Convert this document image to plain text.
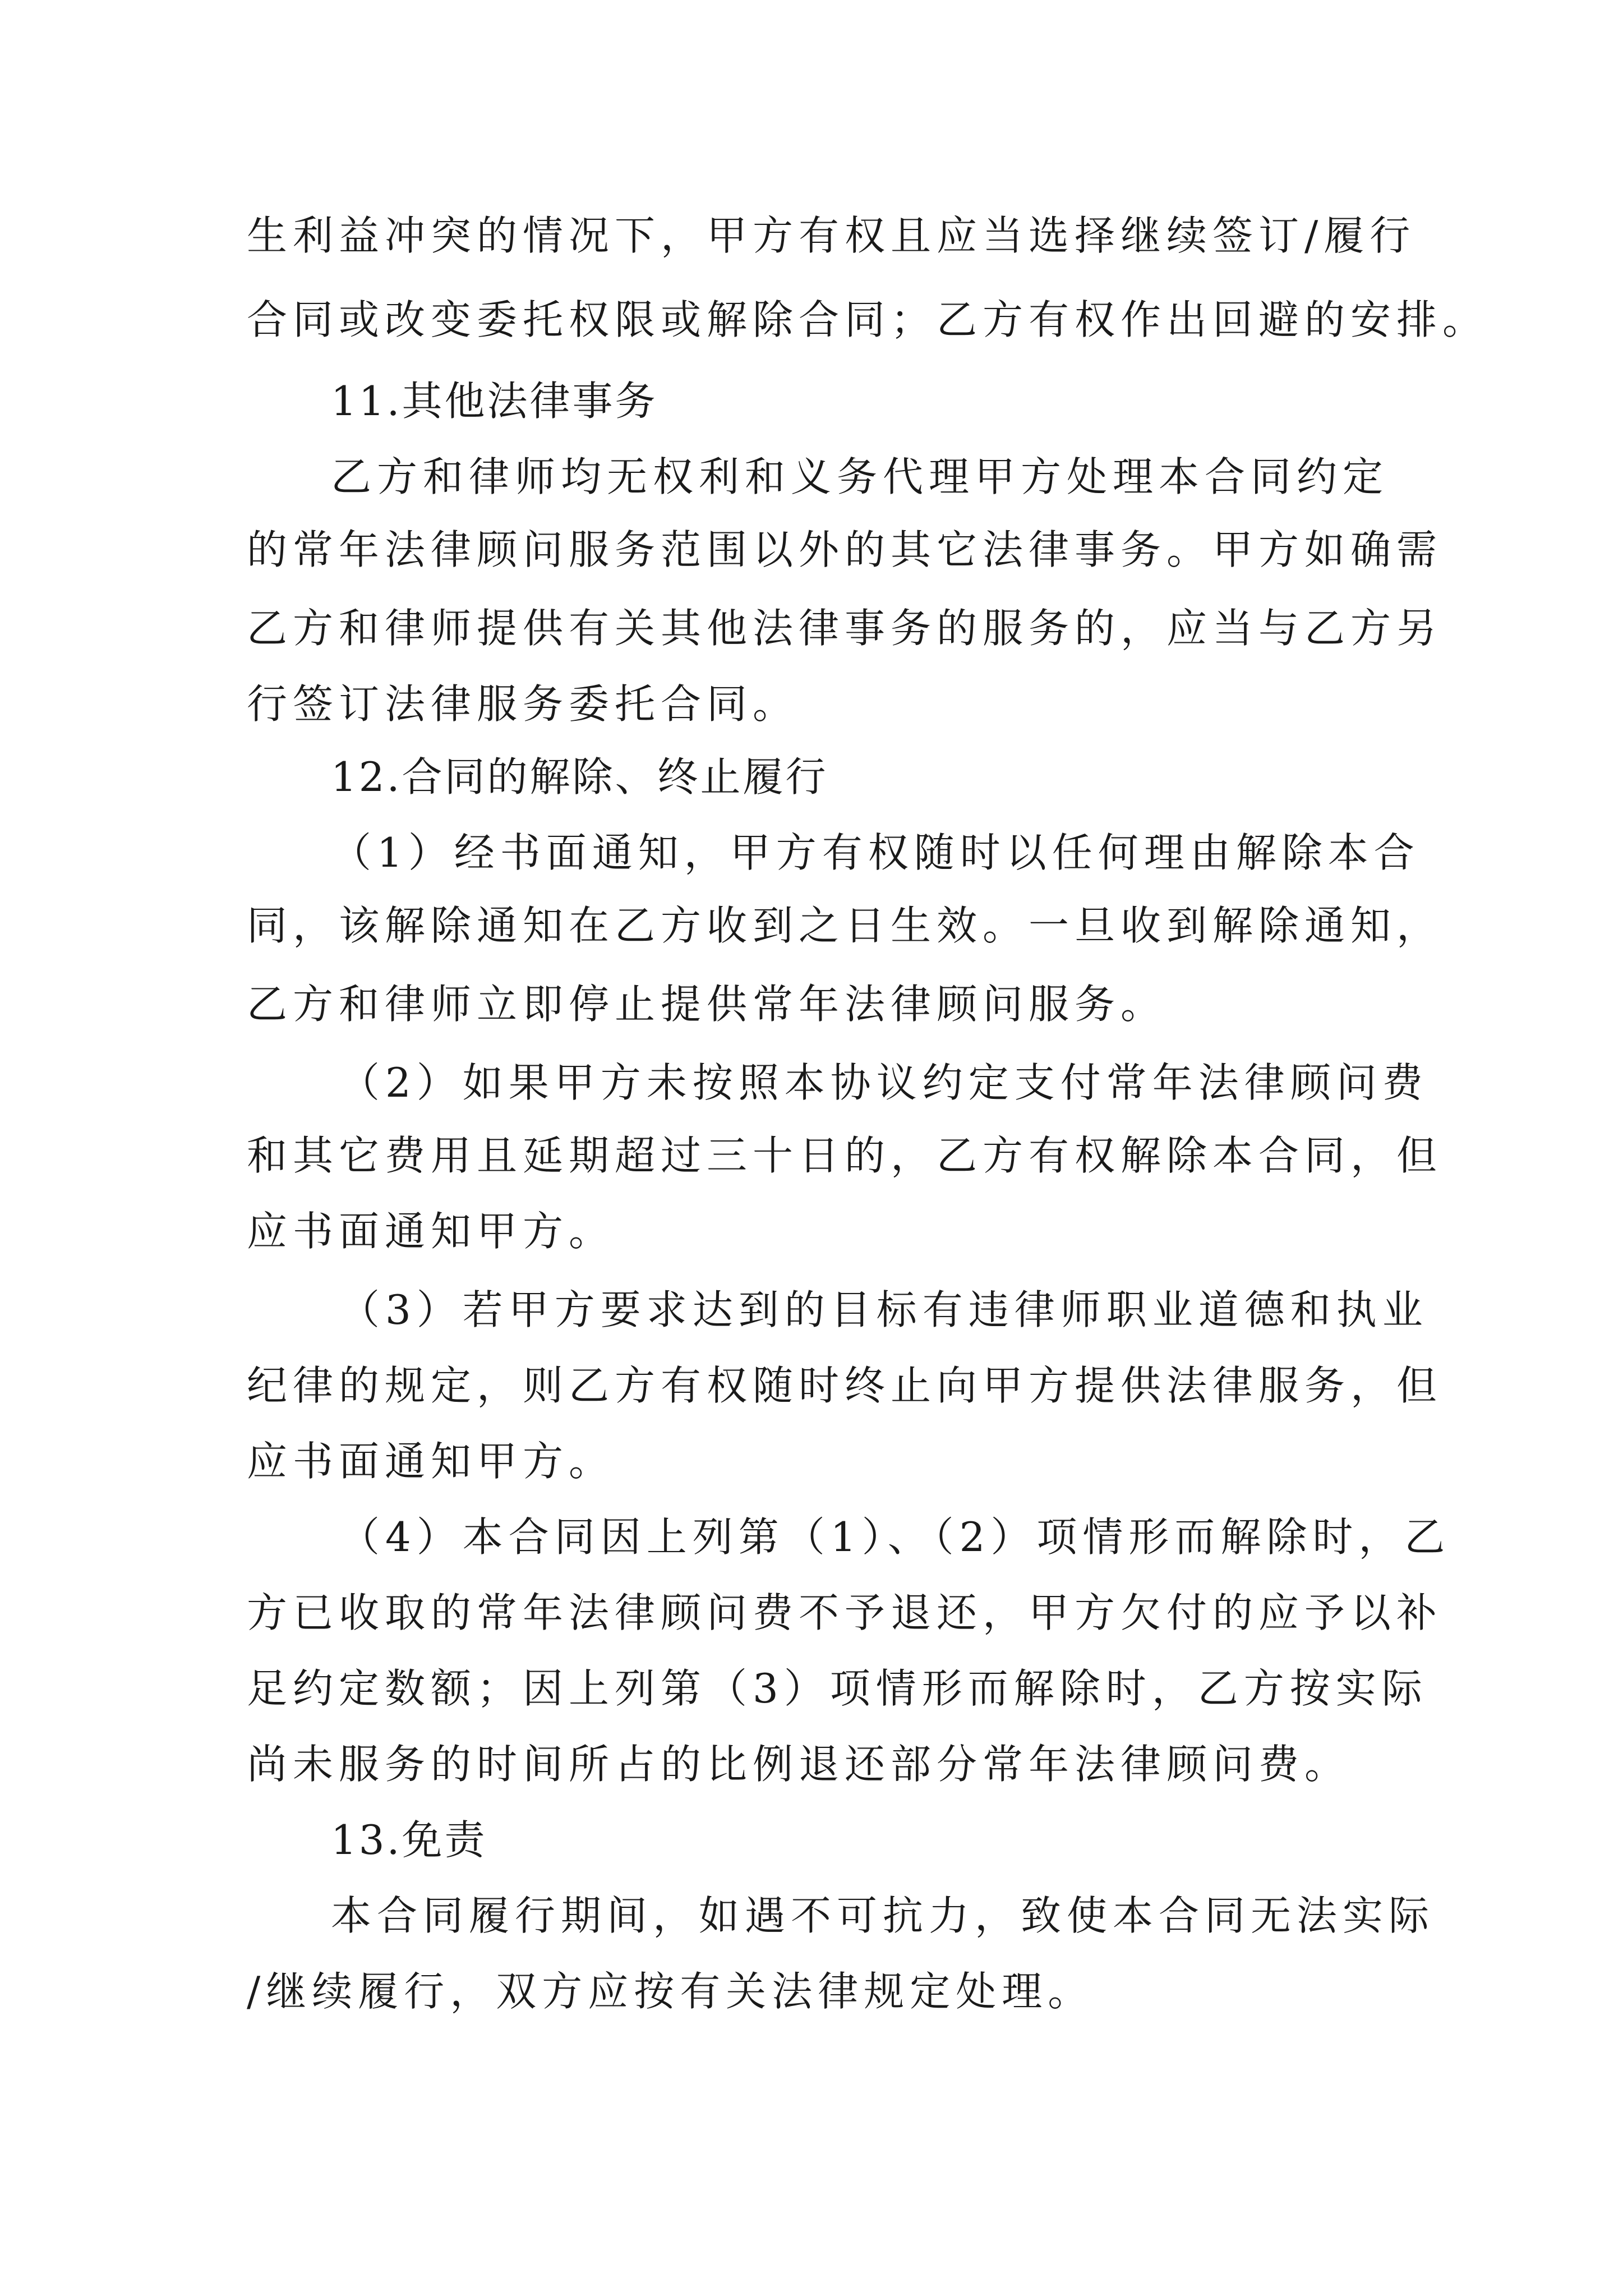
生利益冲突的情况下，甲方有权且应当选择继续签订/履行
合同或改变委托权限或解除合同；乙方有权作出回避的安排。
11.其他法律事务
乙方和律师均无权利和义务代理甲方处理本合同约定
的常年法律顾问服务范围以外的其它法律事务。甲方如确需
乙方和律师提供有关其他法律事务的服务的，应当与乙方另
行签订法律服务委托合同。
12.合同的解除、终止履行
（1）经书面通知，甲方有权随时以任何理由解除本合
同，该解除通知在乙方收到之日生效。一旦收到解除通知，
乙方和律师立即停止提供常年法律顾问服务。
（2）如果甲方未按照本协议约定支付常年法律顾问费
和其它费用且延期超过三十日的，乙方有权解除本合同，但
应书面通知甲方。
（3）若甲方要求达到的目标有违律师职业道德和执业
纪律的规定，则乙方有权随时终止向甲方提供法律服务，但
应书面通知甲方。
（4）本合同因上列第（1）、（2）项情形而解除时，乙
方已收取的常年法律顾问费不予退还，甲方欠付的应予以补
足约定数额；因上列第（3）项情形而解除时，乙方按实际
尚未服务的时间所占的比例退还部分常年法律顾问费。
13.免责
本合同履行期间，如遇不可抗力，致使本合同无法实际
/继续履行，双方应按有关法律规定处理。
